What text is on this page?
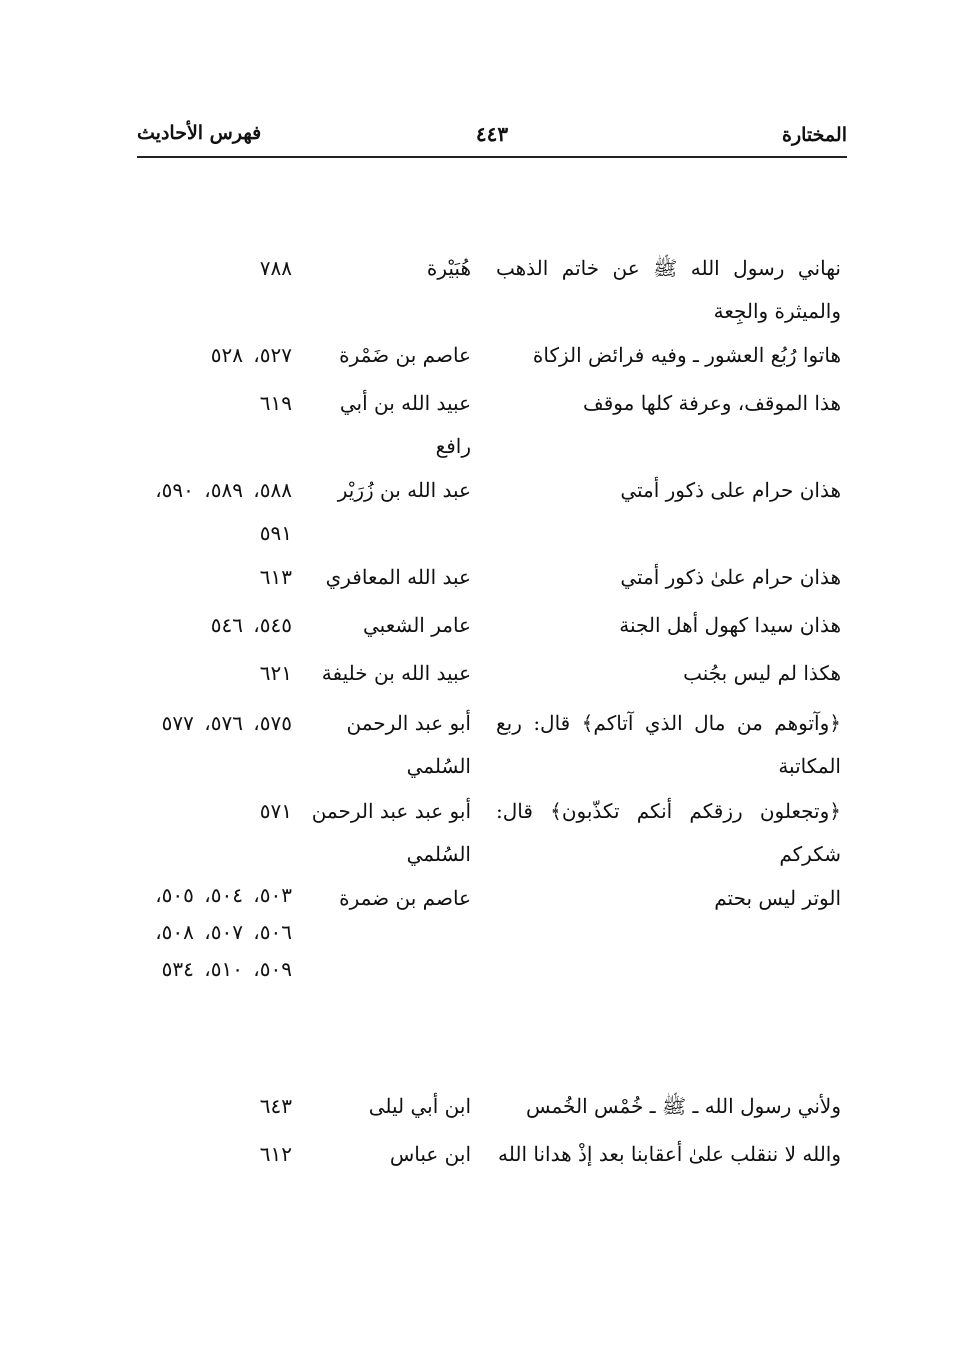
المختارة
٤٤٣
فهرس الأحاديث
نهاني رسول الله ﷺ عن خاتم الذهب والميثرة والجِعة
هُبَيْرة
٧٨٨
هاتوا رُبُع العشور ـ وفيه فرائض الزكاة
عاصم بن ضَمْرة
٥٢٧، ٥٢٨
هذا الموقف، وعرفة كلها موقف
عبيد الله بن أبي رافع
٦١٩
هذان حرام على ذكور أمتي
عبد الله بن زُرَيْر
٥٨٨، ٥٨٩، ٥٩٠، ٥٩١
هذان حرام علىٰ ذكور أمتي
عبد الله المعافري
٦١٣
هذان سيدا كهول أهل الجنة
عامر الشعبي
٥٤٥، ٥٤٦
هكذا لم ليس بجُنب
عبيد الله بن خليفة
٦٢١
﴿وآتوهم من مال الذي آتاكم﴾ قال: ربع المكاتبة
أبو عبد الرحمن السُلمي
٥٧٥، ٥٧٦، ٥٧٧
﴿وتجعلون رزقكم أنكم تكذّبون﴾ قال: شكركم
أبو عبد عبد الرحمن السُلمي
٥٧١
الوتر ليس بحتم
عاصم بن ضمرة
٥٠٣، ٥٠٤، ٥٠٥، ٥٠٦، ٥٠٧، ٥٠٨، ٥٠٩، ٥١٠، ٥٣٤
ولأني رسول الله ـ ﷺ ـ خُمْس الخُمس
ابن أبي ليلى
٦٤٣
والله لا ننقلب علىٰ أعقابنا بعد إذْ هدانا الله
ابن عباس
٦١٢
